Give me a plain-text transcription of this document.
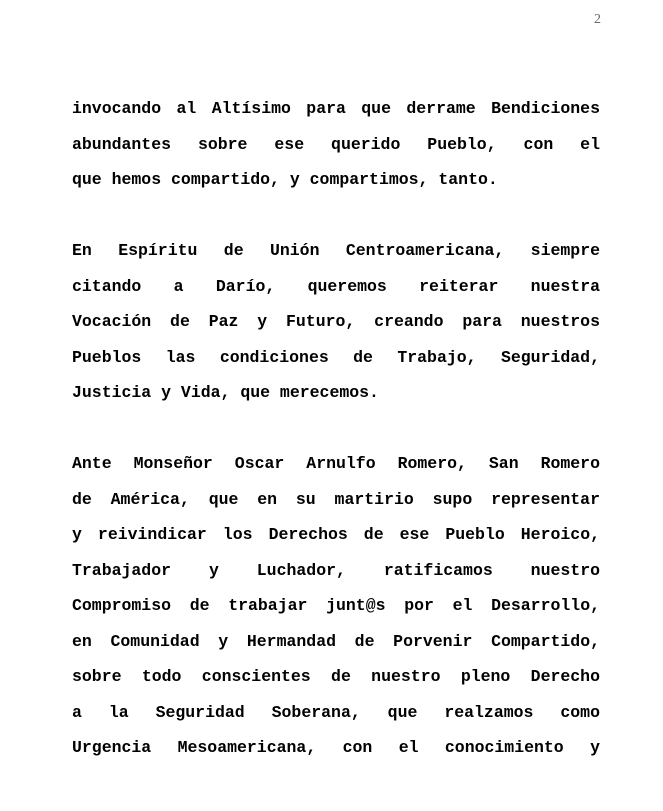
2
invocando al Altísimo para que derrame Bendiciones
abundantes sobre ese querido Pueblo, con el
que hemos compartido, y compartimos, tanto.
En Espíritu de Unión Centroamericana, siempre
citando a Darío, queremos reiterar nuestra
Vocación de Paz y Futuro, creando para nuestros
Pueblos las condiciones de Trabajo, Seguridad,
Justicia y Vida, que merecemos.
Ante Monseñor Oscar Arnulfo Romero, San Romero
de América, que en su martirio supo representar
y reivindicar los Derechos de ese Pueblo Heroico,
Trabajador y Luchador, ratificamos nuestro
Compromiso de trabajar junt@s por el Desarrollo,
en Comunidad y Hermandad de Porvenir Compartido,
sobre todo conscientes de nuestro pleno Derecho
a la Seguridad Soberana, que realzamos como
Urgencia Mesoamericana, con el conocimiento y
